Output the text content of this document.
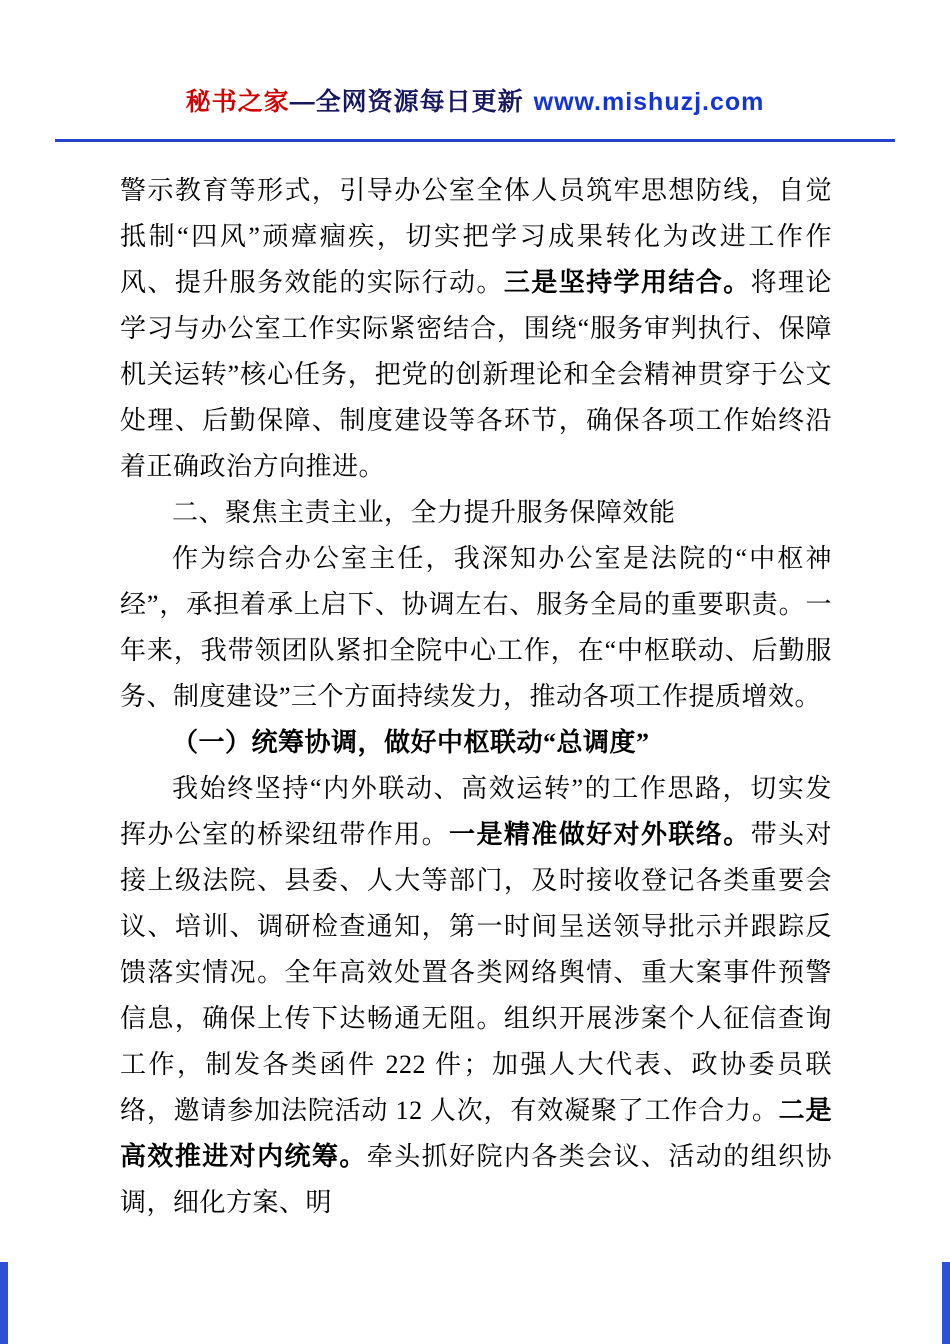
秘书之家—全网资源每日更新 www.mishuzj.com

警示教育等形式，引导办公室全体人员筑牢思想防线，自觉抵制“四风”顽瘴痼疾，切实把学习成果转化为改进工作作风、提升服务效能的实际行动。三是坚持学用结合。将理论学习与办公室工作实际紧密结合，围绕“服务审判执行、保障机关运转”核心任务，把党的创新理论和全会精神贯穿于公文处理、后勤保障、制度建设等各环节，确保各项工作始终沿着正确政治方向推进。

二、聚焦主责主业，全力提升服务保障效能

作为综合办公室主任，我深知办公室是法院的“中枢神经”，承担着承上启下、协调左右、服务全局的重要职责。一年来，我带领团队紧扣全院中心工作，在“中枢联动、后勤服务、制度建设”三个方面持续发力，推动各项工作提质增效。

（一）统筹协调，做好中枢联动“总调度”

我始终坚持“内外联动、高效运转”的工作思路，切实发挥办公室的桥梁纽带作用。一是精准做好对外联络。带头对接上级法院、县委、人大等部门，及时接收登记各类重要会议、培训、调研检查通知，第一时间呈送领导批示并跟踪反馈落实情况。全年高效处置各类网络舆情、重大案事件预警信息，确保上传下达畅通无阻。组织开展涉案个人征信查询工作，制发各类函件 222 件；加强人大代表、政协委员联络，邀请参加法院活动 12 人次，有效凝聚了工作合力。二是高效推进对内统筹。牵头抓好院内各类会议、活动的组织协调，细化方案、明
